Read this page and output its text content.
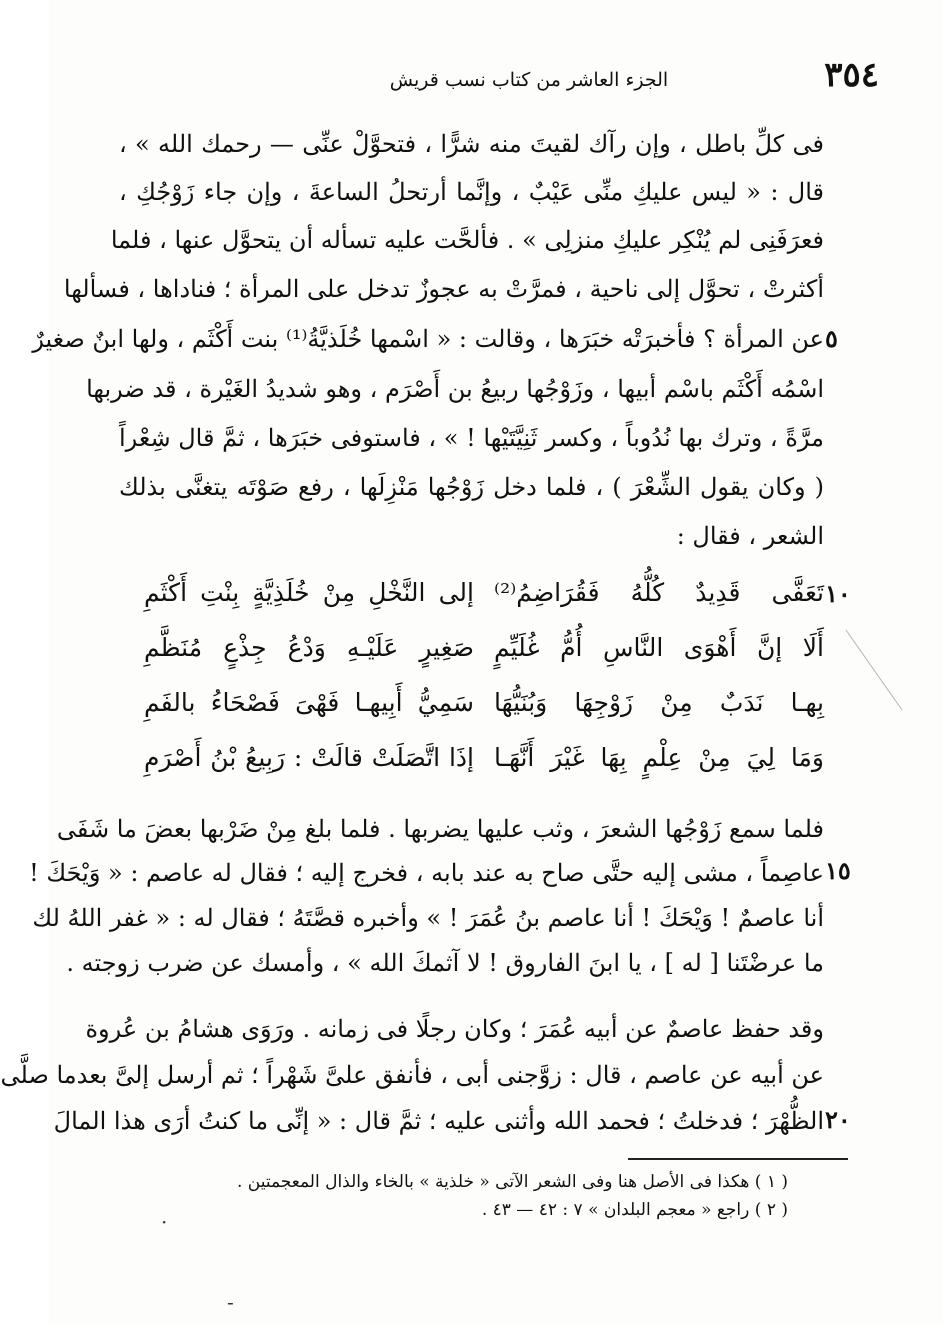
٣٥٤
الجزء العاشر من كتاب نسب قريش
فى كلِّ باطل ، وإن رآك لقيتَ منه شرًّا ، فتحوَّلْ عنِّى — رحمك الله » ،
قال : « ليس عليكِ منِّى عَيْبٌ ، وإنَّما أرتحلُ الساعةَ ، وإن جاء زَوْجُكِ ،
فعرَفَنِى لم يُنْكِر عليكِ منزلِى » . فألحَّت عليه تسأله أن يتحوَّل عنها ، فلما
أكثرتْ ، تحوَّل إلى ناحية ، فمرَّتْ به عجوزٌ تدخل على المرأة ؛ فناداها ، فسألها
عن المرأة ؟ فأخبرَتْه خبَرَها ، وقالت : « اسْمها خُلَذيَّةُ⁽¹⁾ بنت أَكْثَم ، ولها ابنٌ صغيرٌ
اسْمُه أَكْثَم باسْم أبيها ، وزَوْجُها ربيعُ بن أَصْرَم ، وهو شديدُ الغَيْرة ، قد ضربها
مرَّةً ، وترك بها نُدُوباً ، وكسر ثَنِيَّتَيْها ! » ، فاستوفى خبَرَها ، ثمَّ قال شِعْراً
( وكان يقول الشِّعْرَ ) ، فلما دخل زَوْجُها مَنْزِلَها ، رفع صَوْتَه يتغنَّى بذلك
الشعر ، فقال :
٥
تَعَفَّى قَدِيدٌ كُلُّهُ فَقُرَاضِمُ⁽²⁾
إلى النَّخْلِ مِنْ خُلَذِيَّةٍ بِنْتِ أَكْثَمِ
أَلَا إنَّ أَهْوَى النَّاسِ أُمُّ غُلَيِّمٍ
صَغِيرٍ عَلَيْـهِ وَدْعُ جِذْعٍ مُنَظَّمِ
بِهـا نَدَبٌ مِنْ زَوْجِهَا وَبُنَيُّهَا
سَمِيُّ أَبِيهـا فَهْىَ فَصْحَاءُ بالفَمِ
وَمَا لِيَ مِنْ عِلْمٍ بِهَا غَيْرَ أَنَّهَـا
إذَا اتَّصَلَتْ قالَتْ : رَبِيعُ بْنُ أَصْرَمِ
١٠
فلما سمع زَوْجُها الشعرَ ، وثب عليها يضربها . فلما بلغ مِنْ ضَرْبها بعضَ ما شَفَى
عاصِماً ، مشى إليه حتَّى صاح به عند بابه ، فخرج إليه ؛ فقال له عاصم : « وَيْحَكَ !
أنا عاصمٌ ! وَيْحَكَ ! أنا عاصم بنُ عُمَرَ ! » وأخبره قصَّتَهُ ؛ فقال له : « غفر اللهُ لك
ما عرضْتَنا [ له ] ، يا ابنَ الفاروق ! لا آثمكَ الله » ، وأمسك عن ضرب زوجته .
١٥
وقد حفظ عاصمٌ عن أبيه عُمَرَ ؛ وكان رجلًا فى زمانه . ورَوَى هشامُ بن عُروة
عن أبيه عن عاصم ، قال : زوَّجنى أبى ، فأنفق علىَّ شَهْراً ؛ ثم أرسل إلىَّ بعدما صلَّى
الظُّهْرَ ؛ فدخلتُ ؛ فحمد الله وأثنى عليه ؛ ثمَّ قال : « إنِّى ما كنتُ أرَى هذا المالَ ٢٠
( ١ ) هكذا فى الأصل هنا وفى الشعر الآتى « خلذية » بالخاء والذال المعجمتين .
( ٢ ) راجع « معجم البلدان » ٧ : ٤٢ — ٤٣ .
·
-
